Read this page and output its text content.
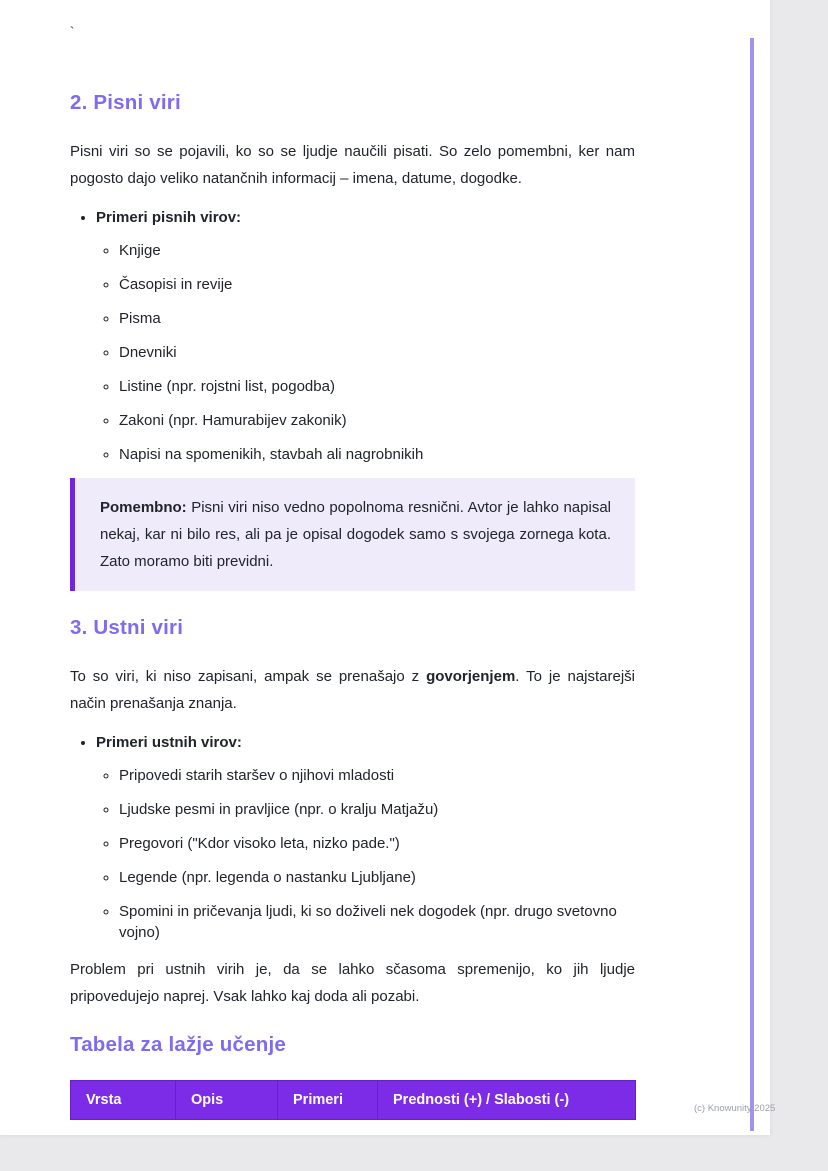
`
2. Pisni viri

Pisni viri so se pojavili, ko so se ljudje naučili pisati. So zelo pomembni, ker nam pogosto dajo veliko natančnih informacij – imena, datume, dogodke.

• Primeri pisnih virov:
◦ Knjige
◦ Časopisi in revije
◦ Pisma
◦ Dnevniki
◦ Listine (npr. rojstni list, pogodba)
◦ Zakoni (npr. Hamurabijev zakonik)
◦ Napisi na spomenikih, stavbah ali nagrobnikih

Pomembno: Pisni viri niso vedno popolnoma resnični. Avtor je lahko napisal nekaj, kar ni bilo res, ali pa je opisal dogodek samo s svojega zornega kota. Zato moramo biti previdni.

3. Ustni viri

To so viri, ki niso zapisani, ampak se prenašajo z govorjenjem. To je najstarejši način prenašanja znanja.

• Primeri ustnih virov:
◦ Pripovedi starih staršev o njihovi mladosti
◦ Ljudske pesmi in pravljice (npr. o kralju Matjažu)
◦ Pregovori ("Kdor visoko leta, nizko pade.")
◦ Legende (npr. legenda o nastanku Ljubljane)
◦ Spomini in pričevanja ljudi, ki so doživeli nek dogodek (npr. drugo svetovno vojno)

Problem pri ustnih virih je, da se lahko sčasoma spremenijo, ko jih ljudje pripovedujejo naprej. Vsak lahko kaj doda ali pozabi.

Tabela za lažje učenje
Vrsta	Opis	Primeri	Prednosti (+) / Slabosti (-)
(c) Knowunity 2025
